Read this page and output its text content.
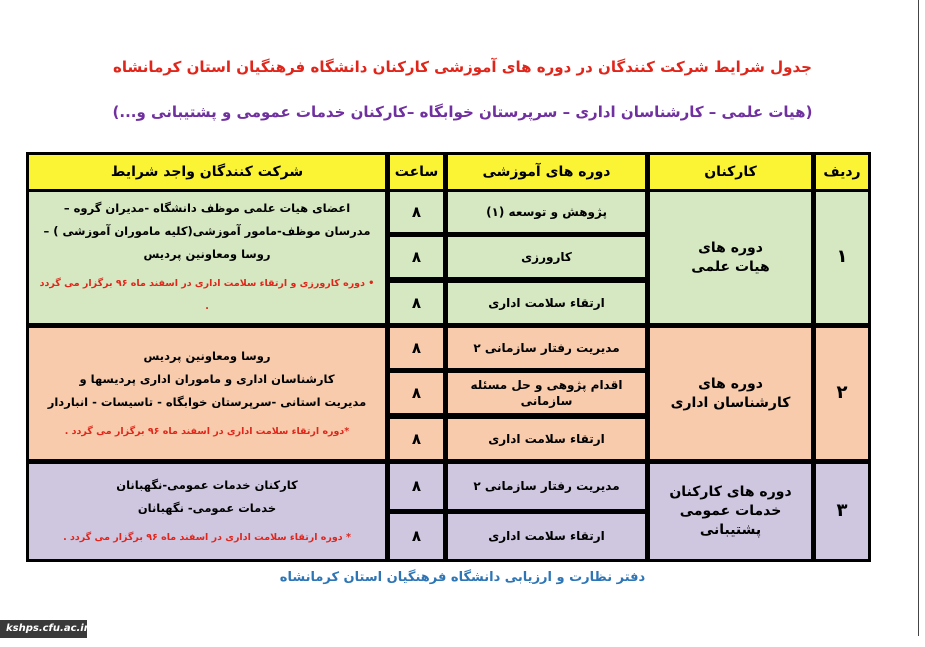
جدول شرایط شرکت کنندگان در دوره های آموزشی کارکنان دانشگاه فرهنگیان استان کرمانشاه
(هیات علمی – کارشناسان اداری – سرپرستان خوابگاه –کارکنان خدمات عمومی و پشتیبانی و...)
ردیف
کارکنان
دوره های آموزشی
ساعت
شرکت کنندگان واجد شرایط
۱
دوره های
هیات علمی
پژوهش و توسعه (۱)
۸
کارورزی
۸
ارتقاء سلامت اداری
۸
اعضای هیات علمی موظف دانشگاه -مدیران گروه –
مدرسان موظف-مامور آموزشی(کلیه ماموران آموزشی ) –
روسا ومعاونین پردیس
• دوره کارورزی و ارتقاء سلامت اداری در اسفند ماه ۹۶ برگزار می گردد .
۲
دوره های
کارشناسان اداری
مدیریت رفتار سازمانی ۲
۸
اقدام پژوهی و حل مسئله سازمانی
۸
ارتقاء سلامت اداری
۸
روسا ومعاونین پردیس
کارشناسان اداری و ماموران اداری پردیسها و
مدیریت استانی -سرپرستان خوابگاه - تاسیسات - انباردار
*دوره ارتقاء سلامت اداری در اسفند ماه ۹۶ برگزار می گردد .
۳
دوره های کارکنان
خدمات عمومی پشتیبانی
مدیریت رفتار سازمانی ۲
۸
ارتقاء سلامت اداری
۸
کارکنان خدمات عمومی-نگهبانان
خدمات عمومی- نگهبانان
* دوره ارتقاء سلامت اداری در اسفند ماه ۹۶ برگزار می گردد .
دفتر نظارت و ارزیابی دانشگاه فرهنگیان استان کرمانشاه
kshps.cfu.ac.ir
